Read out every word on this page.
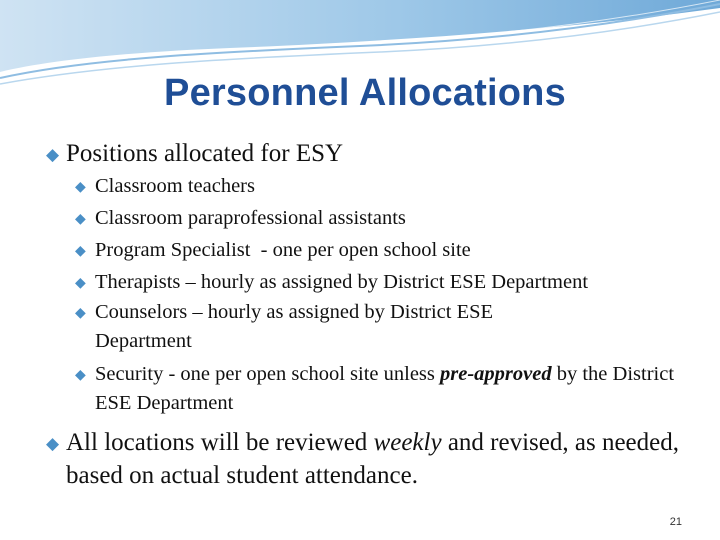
Personnel Allocations
◆ Positions allocated for ESY
◆ Classroom teachers
◆ Classroom paraprofessional assistants
◆ Program Specialist  - one per open school site
◆ Therapists – hourly as assigned by District ESE Department
◆ Counselors – hourly as assigned by District ESE Department
◆ Security - one per open school site unless pre-approved by the District ESE Department
◆ All locations will be reviewed weekly and revised, as needed, based on actual student attendance.
21
